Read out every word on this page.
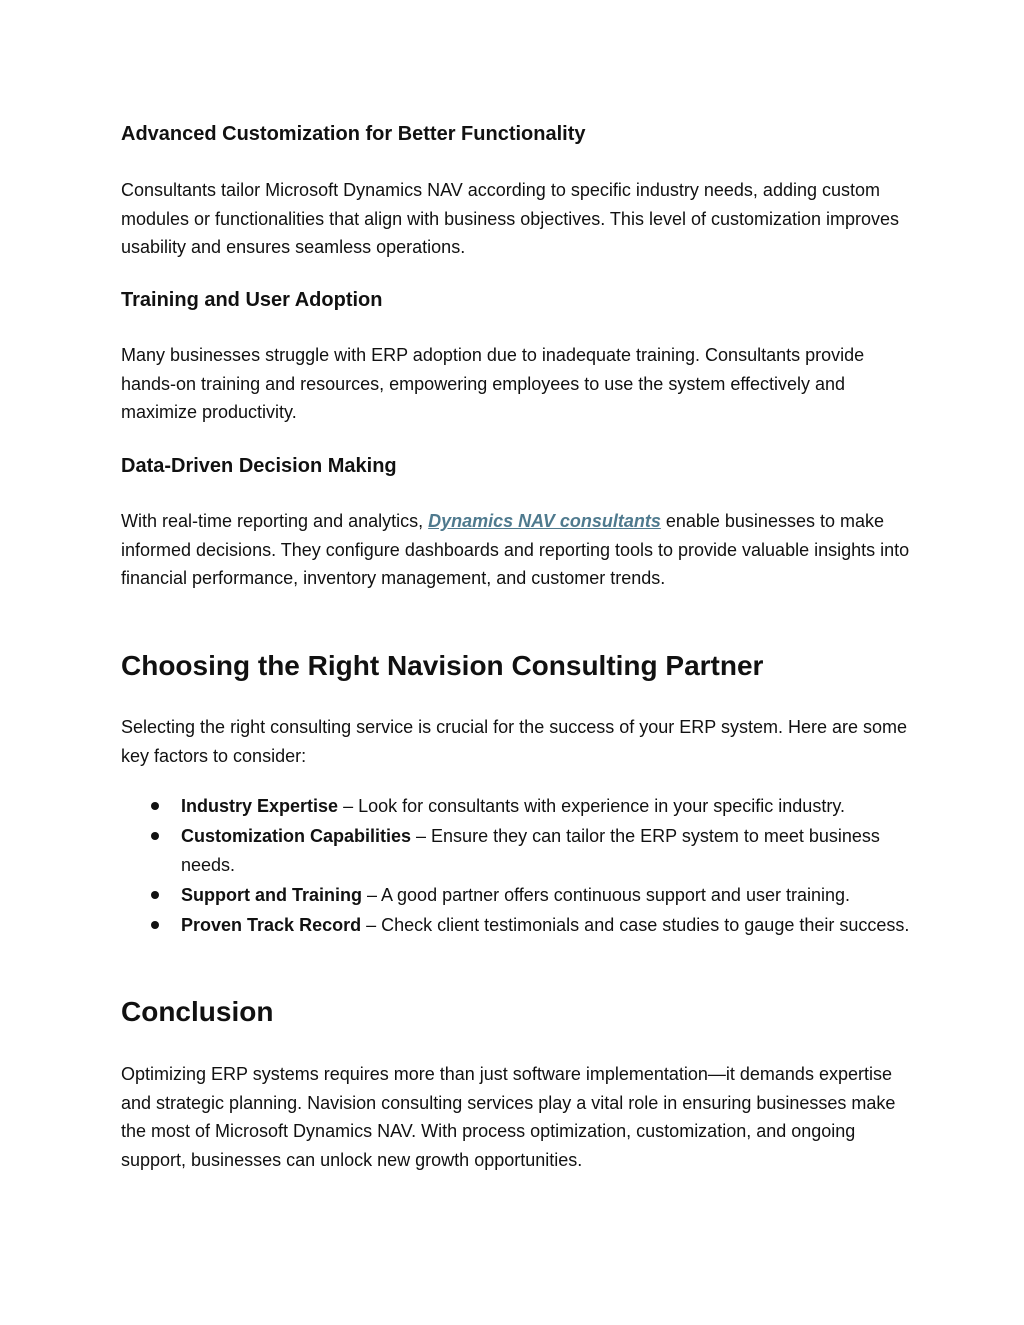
Advanced Customization for Better Functionality

Consultants tailor Microsoft Dynamics NAV according to specific industry needs, adding custom modules or functionalities that align with business objectives. This level of customization improves usability and ensures seamless operations.

Training and User Adoption

Many businesses struggle with ERP adoption due to inadequate training. Consultants provide hands-on training and resources, empowering employees to use the system effectively and maximize productivity.

Data-Driven Decision Making

With real-time reporting and analytics, Dynamics NAV consultants enable businesses to make informed decisions. They configure dashboards and reporting tools to provide valuable insights into financial performance, inventory management, and customer trends.

Choosing the Right Navision Consulting Partner

Selecting the right consulting service is crucial for the success of your ERP system. Here are some key factors to consider:

Industry Expertise – Look for consultants with experience in your specific industry.
Customization Capabilities – Ensure they can tailor the ERP system to meet business needs.
Support and Training – A good partner offers continuous support and user training.
Proven Track Record – Check client testimonials and case studies to gauge their success.
Conclusion

Optimizing ERP systems requires more than just software implementation—it demands expertise and strategic planning. Navision consulting services play a vital role in ensuring businesses make the most of Microsoft Dynamics NAV. With process optimization, customization, and ongoing support, businesses can unlock new growth opportunities.
